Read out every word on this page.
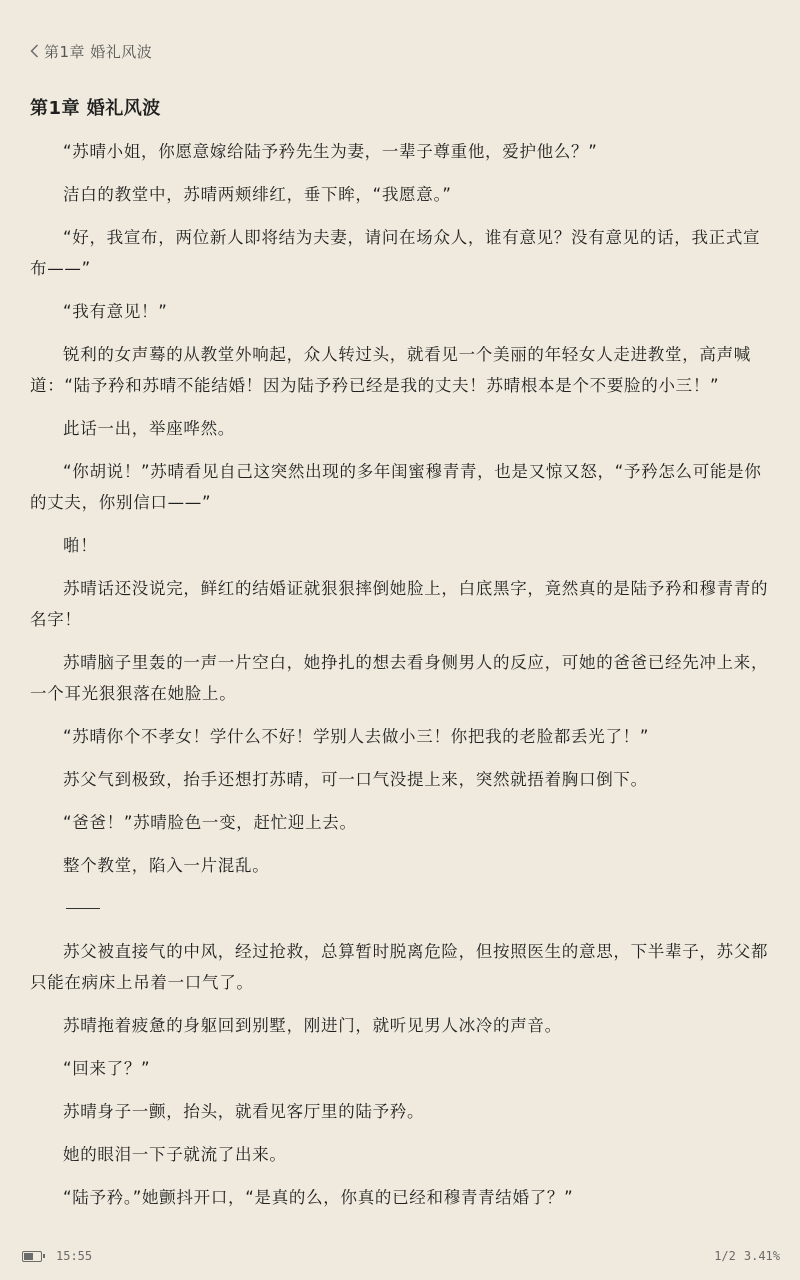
第1章 婚礼风波
第1章 婚礼风波

“苏晴小姐，你愿意嫁给陆予矜先生为妻，一辈子尊重他，爱护他么？”

洁白的教堂中，苏晴两颊绯红，垂下眸，“我愿意。”

“好，我宣布，两位新人即将结为夫妻，请问在场众人，谁有意见？没有意见的话，我正式宣布——”

“我有意见！”

锐利的女声蓦的从教堂外响起，众人转过头，就看见一个美丽的年轻女人走进教堂，高声喊道：“陆予矜和苏晴不能结婚！因为陆予矜已经是我的丈夫！苏晴根本是个不要脸的小三！”

此话一出，举座哗然。

“你胡说！”苏晴看见自己这突然出现的多年闺蜜穆青青，也是又惊又怒，“予矜怎么可能是你的丈夫，你别信口——”

啪！

苏晴话还没说完，鲜红的结婚证就狠狠摔倒她脸上，白底黑字，竟然真的是陆予矜和穆青青的名字！

苏晴脑子里轰的一声一片空白，她挣扎的想去看身侧男人的反应，可她的爸爸已经先冲上来，一个耳光狠狠落在她脸上。

“苏晴你个不孝女！学什么不好！学别人去做小三！你把我的老脸都丢光了！”

苏父气到极致，抬手还想打苏晴，可一口气没提上来，突然就捂着胸口倒下。

“爸爸！”苏晴脸色一变，赶忙迎上去。

整个教堂，陷入一片混乱。

苏父被直接气的中风，经过抢救，总算暂时脱离危险，但按照医生的意思，下半辈子，苏父都只能在病床上吊着一口气了。

苏晴拖着疲惫的身躯回到别墅，刚进门，就听见男人冰冷的声音。

“回来了？”

苏晴身子一颤，抬头，就看见客厅里的陆予矜。

她的眼泪一下子就流了出来。

“陆予矜。”她颤抖开口，“是真的么，你真的已经和穆青青结婚了？”

15:55	1/2 3.41%
